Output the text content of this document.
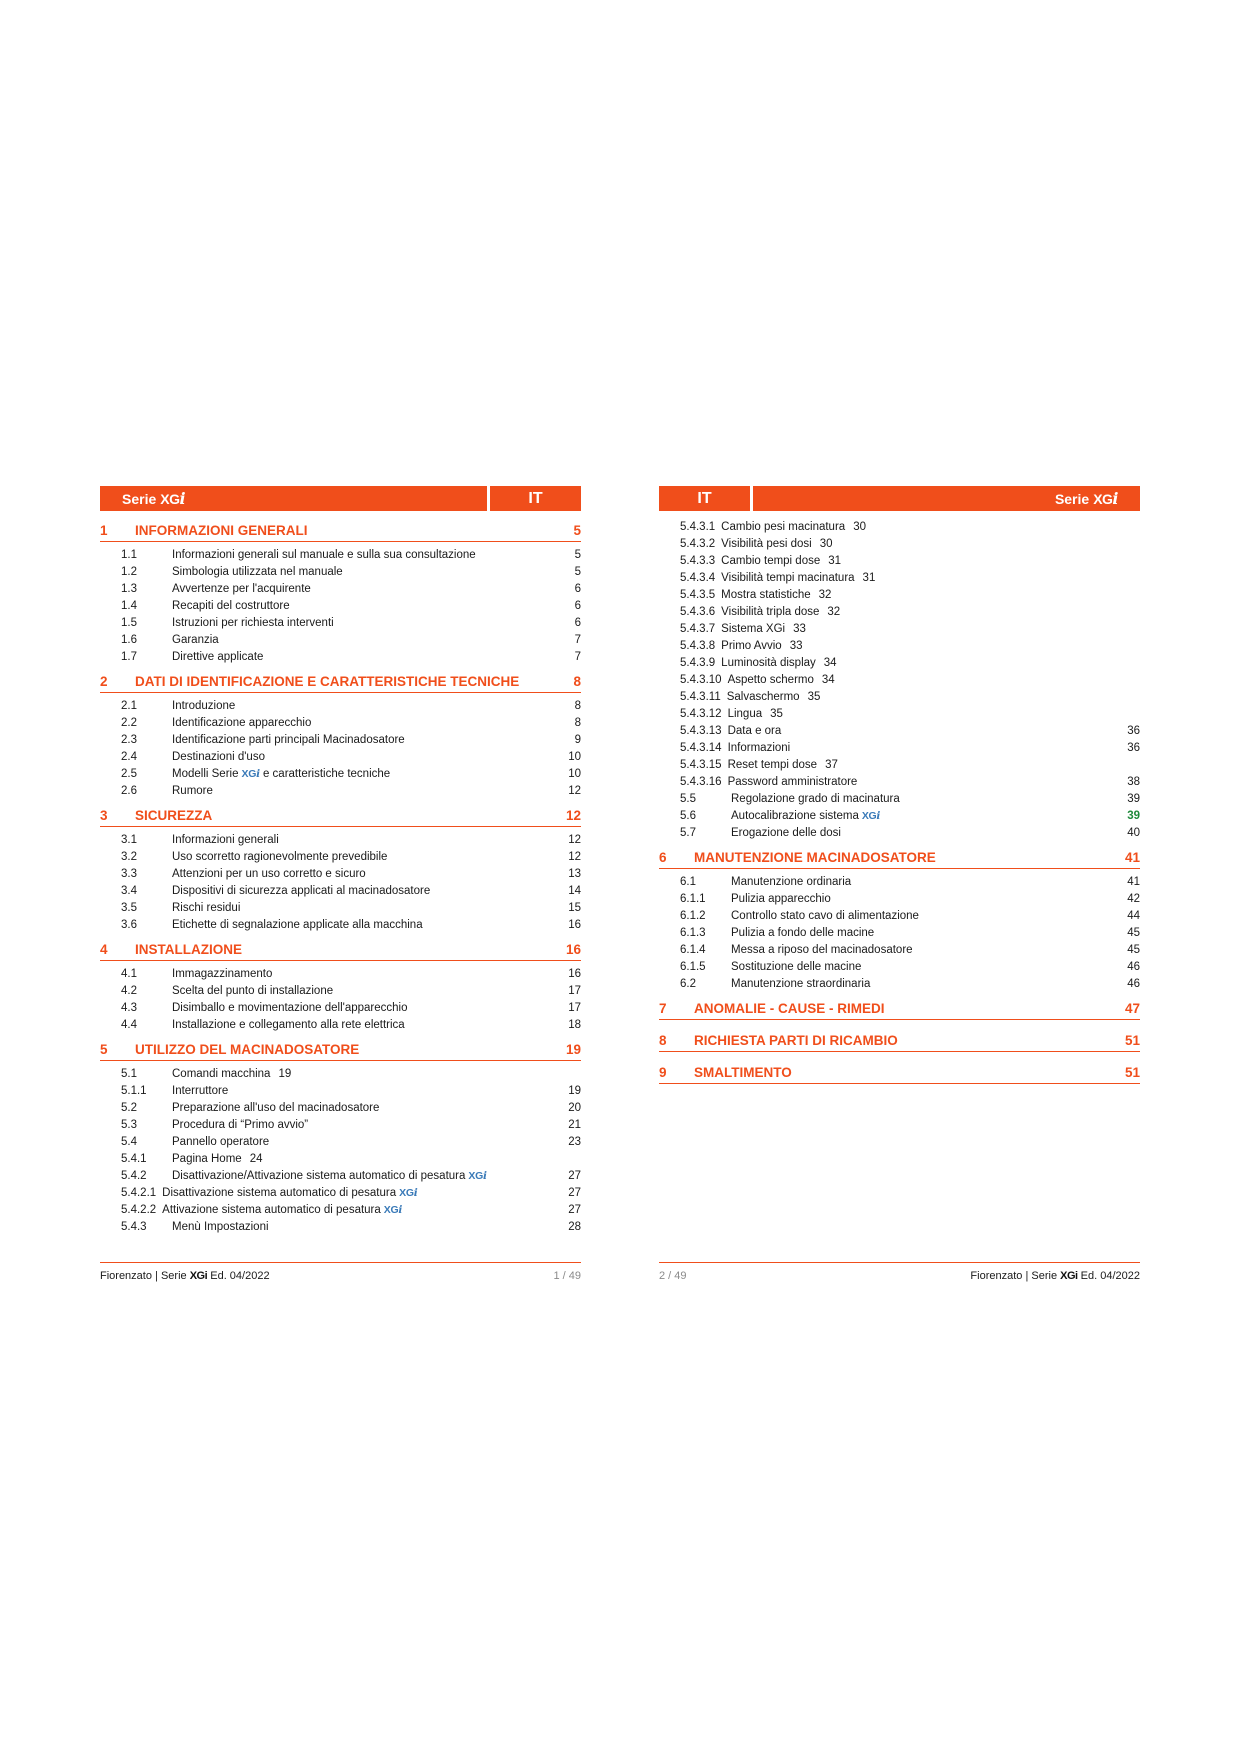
Serie XGi	IT
1	INFORMAZIONI GENERALI	5
1.1	Informazioni generali sul manuale e sulla sua consultazione	5
1.2	Simbologia utilizzata nel manuale	5
1.3	Avvertenze per l'acquirente	6
1.4	Recapiti del costruttore	6
1.5	Istruzioni per richiesta interventi	6
1.6	Garanzia	7
1.7	Direttive applicate	7
2	DATI DI IDENTIFICAZIONE E CARATTERISTICHE TECNICHE	8
2.1	Introduzione	8
2.2	Identificazione apparecchio	8
2.3	Identificazione parti principali Macinadosatore	9
2.4	Destinazioni d'uso	10
2.5	Modelli Serie XGi e caratteristiche tecniche	10
2.6	Rumore	12
3	SICUREZZA	12
3.1	Informazioni generali	12
3.2	Uso scorretto ragionevolmente prevedibile	12
3.3	Attenzioni per un uso corretto e sicuro	13
3.4	Dispositivi di sicurezza applicati al macinadosatore	14
3.5	Rischi residui	15
3.6	Etichette di segnalazione applicate alla macchina	16
4	INSTALLAZIONE	16
4.1	Immagazzinamento	16
4.2	Scelta del punto di installazione	17
4.3	Disimballo e movimentazione dell'apparecchio	17
4.4	Installazione e collegamento alla rete elettrica	18
5	UTILIZZO DEL MACINADOSATORE	19
5.1	Comandi macchina 19
5.1.1	Interruttore	19
5.2	Preparazione all'uso del macinadosatore	20
5.3	Procedura di “Primo avvio”	21
5.4	Pannello operatore	23
5.4.1	Pagina Home 24
5.4.2	Disattivazione/Attivazione sistema automatico di pesatura XGi	27
5.4.2.1 Disattivazione sistema automatico di pesatura XGi	27
5.4.2.2 Attivazione sistema automatico di pesatura XGi	27
5.4.3	Menù Impostazioni	28
IT	Serie XGi
5.4.3.1 Cambio pesi macinatura 30
5.4.3.2 Visibilità pesi dosi 30
5.4.3.3 Cambio tempi dose 31
5.4.3.4 Visibilità tempi macinatura 31
5.4.3.5 Mostra statistiche 32
5.4.3.6 Visibilità tripla dose 32
5.4.3.7 Sistema XGi 33
5.4.3.8 Primo Avvio 33
5.4.3.9 Luminosità display 34
5.4.3.10 Aspetto schermo 34
5.4.3.11 Salvaschermo 35
5.4.3.12 Lingua 35
5.4.3.13 Data e ora	36
5.4.3.14 Informazioni	36
5.4.3.15 Reset tempi dose 37
5.4.3.16 Password amministratore	38
5.5	Regolazione grado di macinatura	39
5.6	Autocalibrazione sistema XGi	39
5.7	Erogazione delle dosi	40
6	MANUTENZIONE MACINADOSATORE	41
6.1	Manutenzione ordinaria	41
6.1.1	Pulizia apparecchio	42
6.1.2	Controllo stato cavo di alimentazione	44
6.1.3	Pulizia a fondo delle macine	45
6.1.4	Messa a riposo del macinadosatore	45
6.1.5	Sostituzione delle macine	46
6.2	Manutenzione straordinaria	46
7	ANOMALIE - CAUSE - RIMEDI	47
8	RICHIESTA PARTI DI RICAMBIO	51
9	SMALTIMENTO	51
Fiorenzato | Serie XGi Ed. 04/2022	1 / 49	2 / 49	Fiorenzato | Serie XGi Ed. 04/2022
